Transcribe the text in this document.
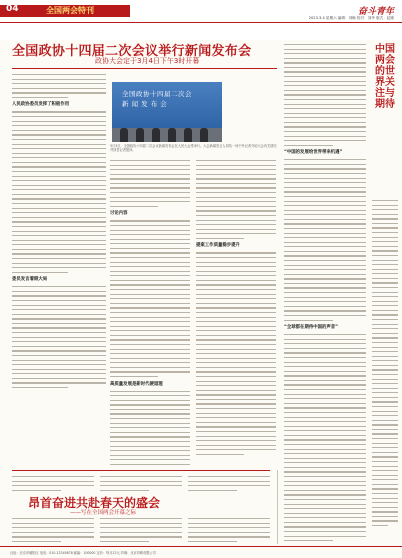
04	全国两会特刊	奋斗青年
2023.3.4 星期六 编辑：刘畅 校对：刘华 版式：赵刚
全国政协十四届二次会议举行新闻发布会
政协大会定于3月4日下午3时开幕
人民政协委员发挥了积极作用
委员发言着眼大局
全国政协十四届二次会
新 闻 发 布 会
3月3日，全国政协十四届二次会议新闻发布会在人民大会堂举行。大会新闻发言人刘结一向中外记者介绍大会有关情况并回答记者提问。
讨论内容
高质量发展是新时代硬道理
提案工作质量稳步提升
“中国的发展给世界带来机遇”
“全球都在期待中国的声音”
中国两会的世界关注与期待
昂首奋进共赴春天的盛会
——写在全国两会开幕之际
社址：北京市朝阳区 电话：010-12345678 邮编：100000 定价：每月12元 印刷：北京印刷有限公司
